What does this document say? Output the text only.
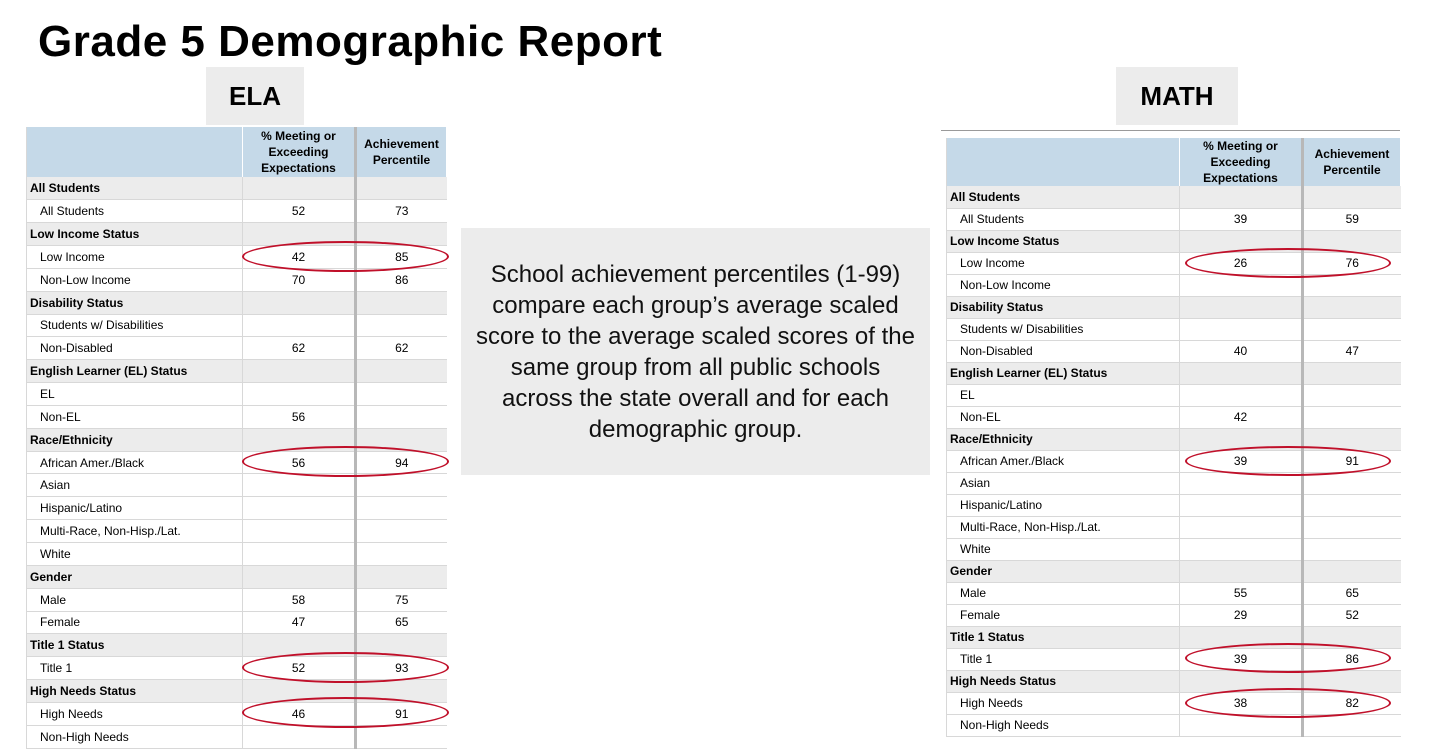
Grade 5 Demographic Report
ELA	MATH
	% Meeting or Exceeding Expectations	Achievement Percentile
All Students		
All Students	52	73
Low Income Status		
Low Income	42	85
Non-Low Income	70	86
Disability Status		
Students w/ Disabilities		
Non-Disabled	62	62
English Learner (EL) Status		
EL		
Non-EL	56	
Race/Ethnicity		
African Amer./Black	56	94
Asian		
Hispanic/Latino		
Multi-Race, Non-Hisp./Lat.		
White		
Gender		
Male	58	75
Female	47	65
Title 1 Status		
Title 1	52	93
High Needs Status		
High Needs	46	91
Non-High Needs		
	% Meeting or Exceeding Expectations	Achievement Percentile
All Students		
All Students	39	59
Low Income Status		
Low Income	26	76
Non-Low Income		
Disability Status		
Students w/ Disabilities		
Non-Disabled	40	47
English Learner (EL) Status		
EL		
Non-EL	42	
Race/Ethnicity		
African Amer./Black	39	91
Asian		
Hispanic/Latino		
Multi-Race, Non-Hisp./Lat.		
White		
Gender		
Male	55	65
Female	29	52
Title 1 Status		
Title 1	39	86
High Needs Status		
High Needs	38	82
Non-High Needs		
School achievement percentiles (1-99) compare each group’s average scaled score to the average scaled scores of the same group from all public schools across the state overall and for each demographic group.
